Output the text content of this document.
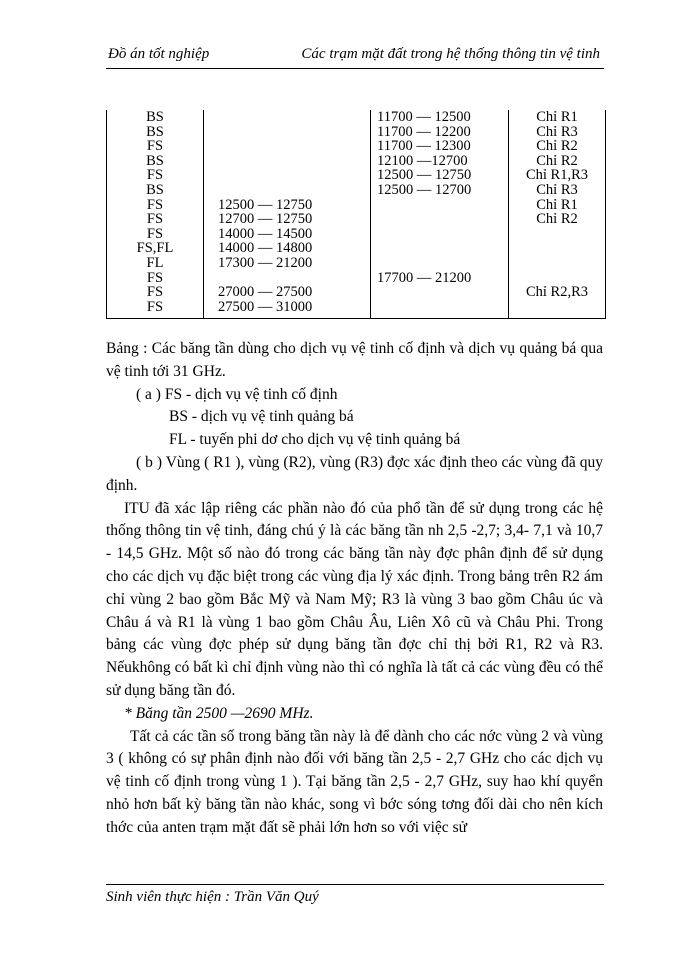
Đồ án tốt nghiệp	Các trạm mặt đất trong hệ thống thông tin vệ tinh
BS
BS
FS
BS
FS
BS
FS
FS
FS
FS,FL
FL
FS
FS
FS
12500 — 12750
12700 — 12750
14000 — 14500
14000 — 14800
17300 — 21200
27000 — 27500
27500 — 31000
11700 — 12500
11700 — 12200
11700 — 12300
12100 —12700
12500 — 12750
12500 — 12700
17700 — 21200
Chỉ R1
Chỉ R3
Chỉ R2
Chỉ R2
Chỉ R1,R3
Chỉ R3
Chỉ R1
Chỉ R2
Chỉ R2,R3

Bảng : Các băng tần dùng cho dịch vụ vệ tinh cố định và dịch vụ quảng bá qua vệ tinh tới 31 GHz.

( a ) FS - dịch vụ vệ tinh cố định

BS - dịch vụ vệ tinh quảng bá

FL - tuyến phi dơ cho dịch vụ vệ tinh quảng bá

( b ) Vùng ( R1 ), vùng (R2), vùng (R3) đợc xác định theo các vùng đã quy định.

ITU đã xác lập riêng các phần nào đó của phổ tần để sử dụng trong các hệ thống thông tin vệ tinh, đáng chú ý là các băng tần nh 2,5 -2,7; 3,4- 7,1 và 10,7 - 14,5 GHz. Một số nào đó trong các băng tần này đợc phân định để sử dụng cho các dịch vụ đặc biệt trong các vùng địa lý xác định. Trong bảng trên R2 ám chỉ vùng 2 bao gồm Bắc Mỹ và Nam Mỹ; R3 là vùng 3 bao gồm Châu úc và Châu á và R1 là vùng 1 bao gồm Châu Âu, Liên Xô cũ và Châu Phi. Trong bảng các vùng đợc phép sử dụng băng tần đợc chỉ thị bởi R1, R2 và R3. Nếukhông có bất kì chỉ định vùng nào thì có nghĩa là tất cả các vùng đều có thể sử dụng băng tần đó.

* Băng tần 2500 —2690 MHz.

Tất cả các tần số trong băng tần này là để dành cho các nớc vùng 2 và vùng 3 ( không có sự phân định nào đối với băng tần 2,5 - 2,7 GHz cho các dịch vụ vệ tinh cố định trong vùng 1 ). Tại băng tần 2,5 - 2,7 GHz, suy hao khí quyển nhỏ hơn bất kỳ băng tần nào khác, song vì bớc sóng tơng đối dài cho nên kích thớc của anten trạm mặt đất sẽ phải lớn hơn so với việc sử

Sinh viên thực hiện : Trần Văn Quý
